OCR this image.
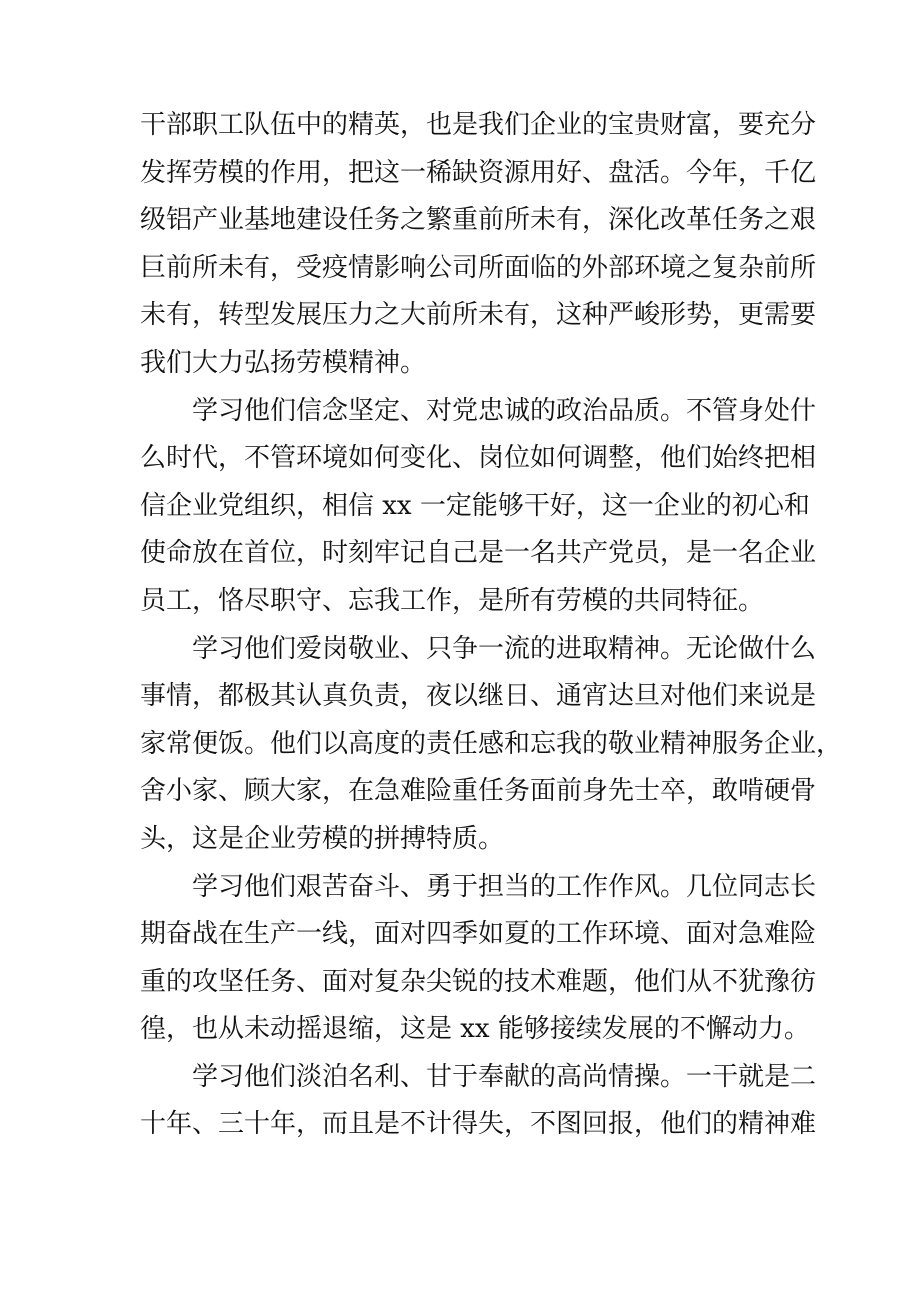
干部职工队伍中的精英，也是我们企业的宝贵财富，要充分
发挥劳模的作用，把这一稀缺资源用好、盘活。今年，千亿
级铝产业基地建设任务之繁重前所未有，深化改革任务之艰
巨前所未有，受疫情影响公司所面临的外部环境之复杂前所
未有，转型发展压力之大前所未有，这种严峻形势，更需要
我们大力弘扬劳模精神。
学习他们信念坚定、对党忠诚的政治品质。不管身处什
么时代，不管环境如何变化、岗位如何调整，他们始终把相
信企业党组织，相信 xx 一定能够干好，这一企业的初心和
使命放在首位，时刻牢记自己是一名共产党员，是一名企业
员工，恪尽职守、忘我工作，是所有劳模的共同特征。
学习他们爱岗敬业、只争一流的进取精神。无论做什么
事情，都极其认真负责，夜以继日、通宵达旦对他们来说是
家常便饭。他们以高度的责任感和忘我的敬业精神服务企业，
舍小家、顾大家，在急难险重任务面前身先士卒，敢啃硬骨
头，这是企业劳模的拼搏特质。
学习他们艰苦奋斗、勇于担当的工作作风。几位同志长
期奋战在生产一线，面对四季如夏的工作环境、面对急难险
重的攻坚任务、面对复杂尖锐的技术难题，他们从不犹豫彷
徨，也从未动摇退缩，这是 xx 能够接续发展的不懈动力。
学习他们淡泊名利、甘于奉献的高尚情操。一干就是二
十年、三十年，而且是不计得失，不图回报，他们的精神难
